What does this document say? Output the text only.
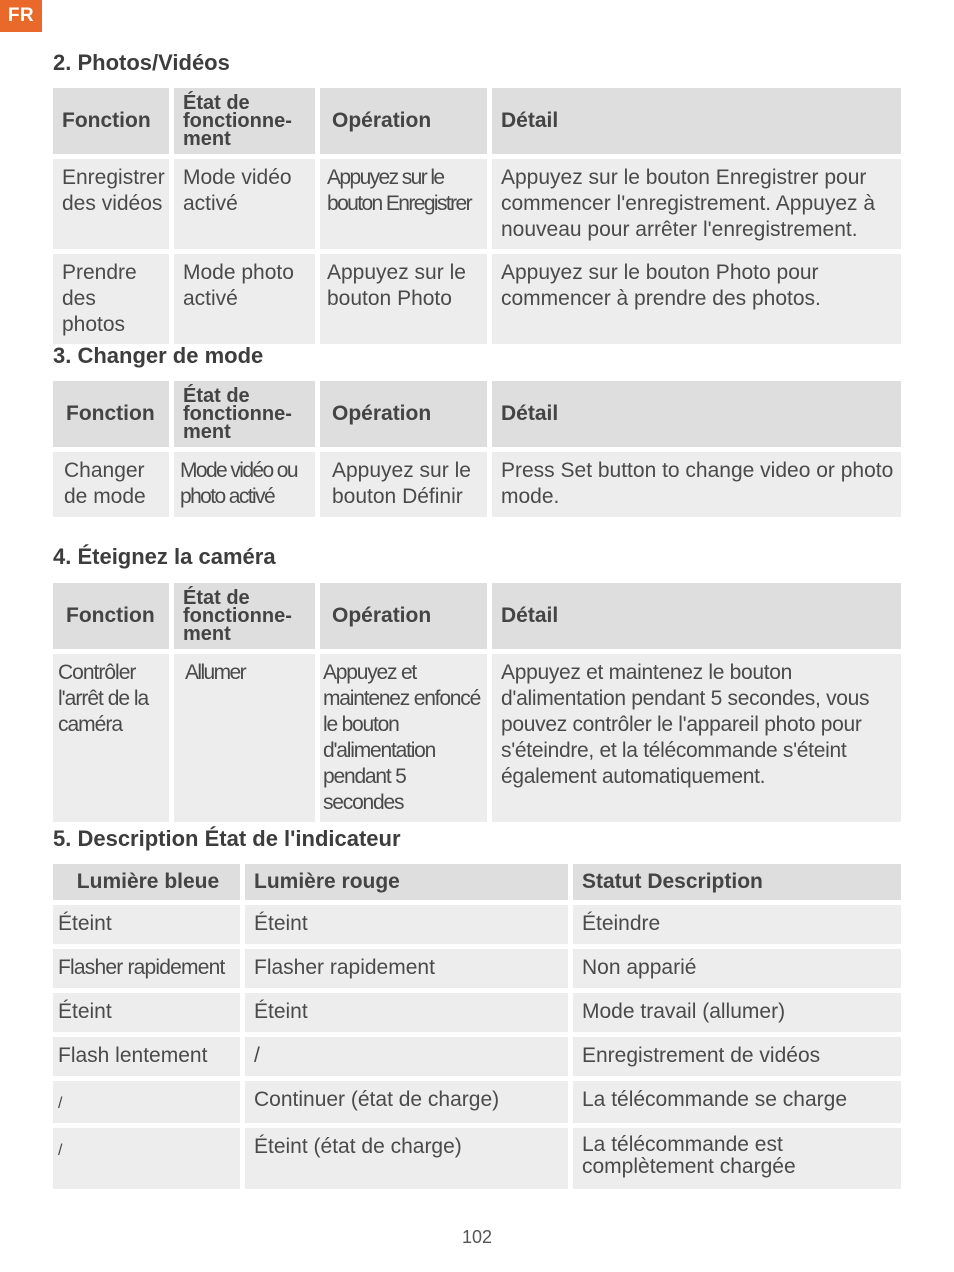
FR
2. Photos/Vidéos
Fonction	État de fonctionne-ment	Opération	Détail
Enregistrer des vidéos	Mode vidéo activé	Appuyez sur le bouton Enregistrer	Appuyez sur le bouton Enregistrer pour commencer l'enregistrement. Appuyez à nouveau pour arrêter l'enregistrement.
Prendre des photos	Mode photo activé	Appuyez sur le bouton Photo	Appuyez sur le bouton Photo pour commencer à prendre des photos.
3. Changer de mode
Fonction	État de fonctionne-ment	Opération	Détail
Changer de mode	Mode vidéo ou photo activé	Appuyez sur le bouton Définir	Press Set button to change video or photo mode.
4. Éteignez la caméra
Fonction	État de fonctionne-ment	Opération	Détail
Contrôler l'arrêt de la caméra	Allumer	Appuyez et maintenez enfoncé le bouton d'alimentation pendant 5 secondes	Appuyez et maintenez le bouton d'alimentation pendant 5 secondes, vous pouvez contrôler le l'appareil photo pour s'éteindre, et la télécommande s'éteint également automatiquement.
5. Description État de l'indicateur
Lumière bleue	Lumière rouge	Statut Description
Éteint	Éteint	Éteindre
Flasher rapidement	Flasher rapidement	Non apparié
Éteint	Éteint	Mode travail (allumer)
Flash lentement	/	Enregistrement de vidéos
/	Continuer (état de charge)	La télécommande se charge
/	Éteint (état de charge)	La télécommande est complètement chargée
102
